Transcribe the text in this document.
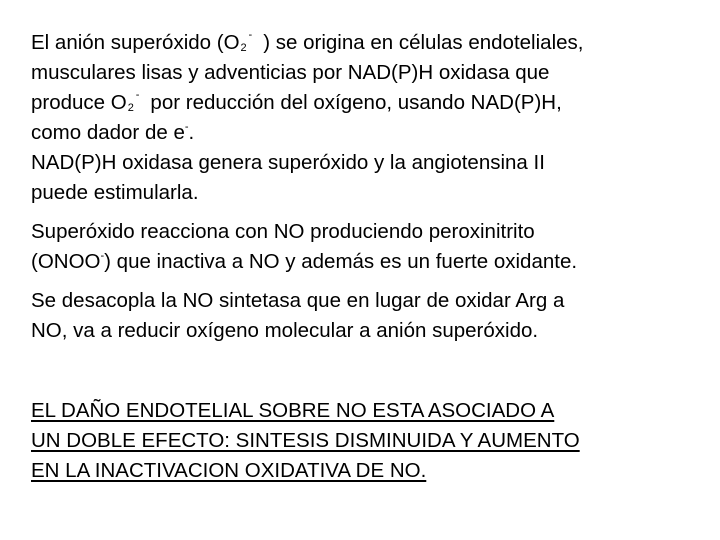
El anión superóxido (O 2
- ) se origina en células endoteliales,
musculares lisas y adventicias por NAD(P)H oxidasa que
produce O 2
- por reducción del oxígeno, usando NAD(P)H,
como dador de e-.
NAD(P)H oxidasa genera superóxido y la angiotensina II
puede estimularla.
Superóxido reacciona con NO produciendo peroxinitrito
(ONOO-) que inactiva a NO y además es un fuerte oxidante.
Se desacopla la NO sintetasa que en lugar de oxidar Arg a
NO, va a reducir oxígeno molecular a anión superóxido.
EL DAÑO ENDOTELIAL SOBRE NO ESTA ASOCIADO A
UN DOBLE EFECTO: SINTESIS DISMINUIDA Y AUMENTO
EN LA INACTIVACION OXIDATIVA DE NO.
